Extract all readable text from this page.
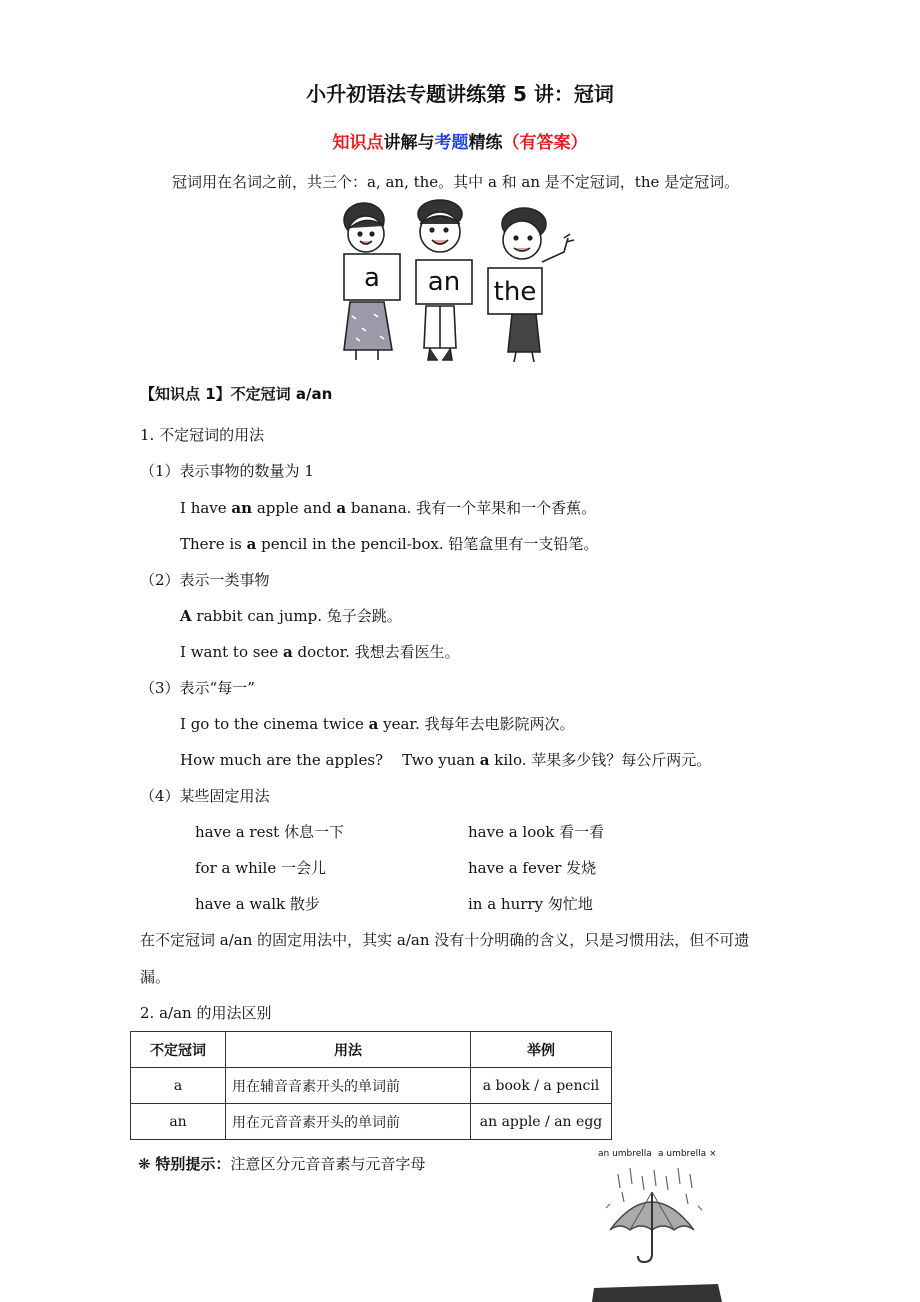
小升初语法专题讲练第 5 讲：冠词
知识点讲解与考题精练（有答案）
冠词用在名词之前，共三个：a, an, the。其中 a 和 an 是不定冠词，the 是定冠词。
a an the
【知识点 1】不定冠词 a/an
1. 不定冠词的用法
（1）表示事物的数量为 1
I have an apple and a banana. 我有一个苹果和一个香蕉。
There is a pencil in the pencil-box. 铅笔盒里有一支铅笔。
（2）表示一类事物
A rabbit can jump. 兔子会跳。
I want to see a doctor. 我想去看医生。
（3）表示“每一”
I go to the cinema twice a year. 我每年去电影院两次。
How much are the apples?    Two yuan a kilo. 苹果多少钱？每公斤两元。
（4）某些固定用法
have a rest 休息一下	have a look 看一看
for a while 一会儿	have a fever 发烧
have a walk 散步	in a hurry 匆忙地
在不定冠词 a/an 的固定用法中，其实 a/an 没有十分明确的含义，只是习惯用法，但不可遗
漏。
2. a/an 的用法区别
不定冠词	用法	举例
a	用在辅音音素开头的单词前	a book / a pencil
an	用在元音音素开头的单词前	an apple / an egg
❋ 特别提示：注意区分元音音素与元音字母
an umbrella a umbrella ×
